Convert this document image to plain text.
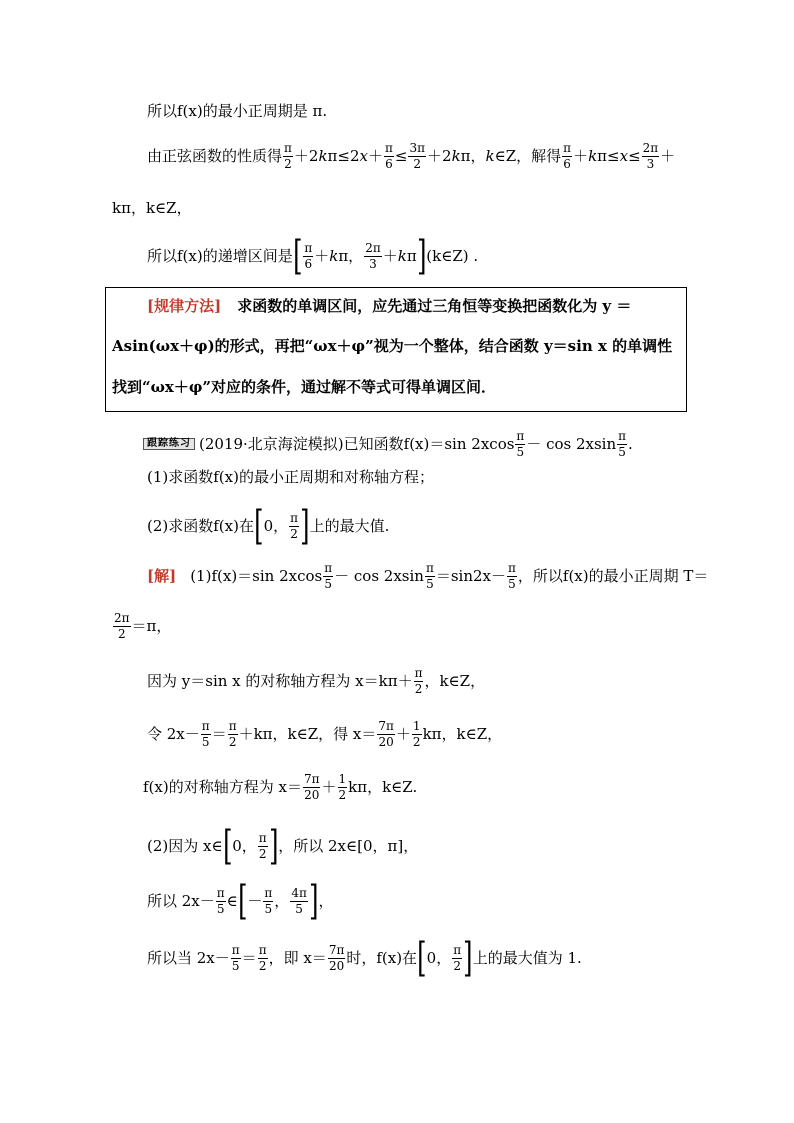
所以f(x)的最小正周期是 π.
由正弦函数的性质得 $\frac{\pi}{2} +2k\pi\le 2x+ \frac{\pi}{6} \le \frac{3\pi}{2} +2k\pi$，k∈Z ，解得 $\frac{\pi}{6} +k\pi\le x\le \frac{2\pi}{3}$ ＋
kπ，k∈Z，
所以f(x)的递增区间是 [ $\frac{\pi}{6} +k\pi$， $\frac{2\pi}{3} +k\pi$ ] (k∈Z) .
[规律方法] 求函数的单调区间，应先通过三角恒等变换把函数化为 y ＝
Asin(ωx＋φ)的形式，再把“ωx＋φ”视为一个整体，结合函数 y＝sin x 的单调性
找到“ωx＋φ”对应的条件，通过解不等式可得单调区间．
跟踪练习 (2019·北京海淀模拟)已知函数f(x)＝sin $2xcos \frac{\pi}{5} - \cos 2xsin \frac{\pi}{5}$ .
(1)求函数f(x)的最小正周期和对称轴方程；
(2)求函数f(x)在 [ 0， $\frac{\pi}{2}$ ] 上的最大值.
[解] (1)f(x)＝sin $2xcos \frac{\pi}{5} - \cos 2xsin \frac{\pi}{5} =\sin 2x- \frac{\pi}{5}$ ，所以f(x)的最小正周期 T＝
$\frac{2\pi}{2} =\pi$，
因为 y＝sin x 的对称轴方程为 $x=k\pi+ \frac{\pi}{2}$ ，k∈Z，
令 $2x- \frac{\pi}{5} = \frac{\pi}{2} +k\pi$，k∈Z，得 $x= \frac{7\pi}{20} + \frac{1}{2}$ kπ，k∈Z，
f(x)的对称轴方程为 $x= \frac{7\pi}{20} + \frac{1}{2}$ kπ，k∈Z.
(2)因为 x∈ [ 0， $\frac{\pi}{2}$ ] ，所以 2x∈[0，π]，
所以 $2x- \frac{\pi}{5}$ ∈ [ － $\frac{\pi}{5}$ ， $\frac{4\pi}{5}$ ] ，
所以当 $2x- \frac{\pi}{5} = \frac{\pi}{2}$ ，即 $x= \frac{7\pi}{20}$ 时，f(x)在 [ 0， $\frac{\pi}{2}$ ] 上的最大值为 1.
